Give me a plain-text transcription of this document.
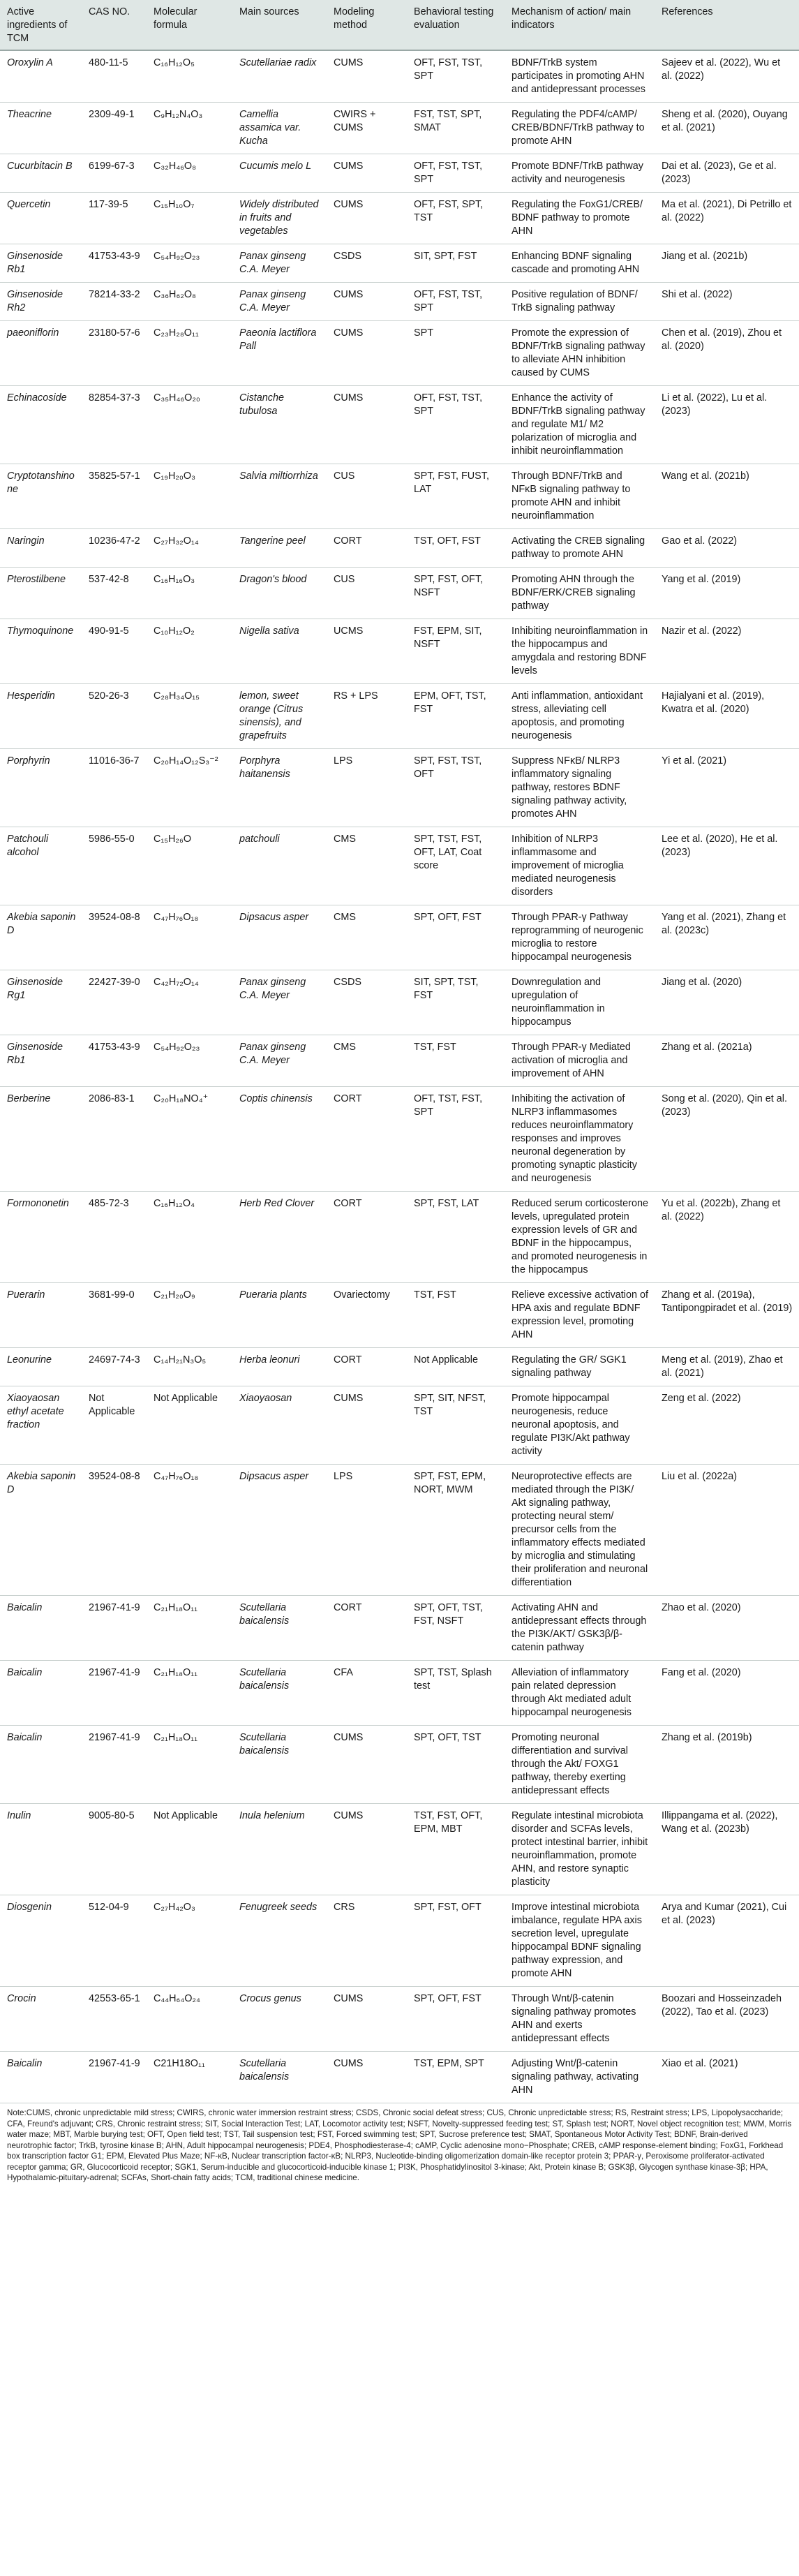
Active ingredients of TCM	CAS NO.	Molecular formula	Main sources	Modeling method	Behavioral testing evaluation	Mechanism of action/ main indicators	References
Oroxylin A	480-11-5	C₁₆H₁₂O₅	Scutellariae radix	CUMS	OFT, FST, TST, SPT	BDNF/TrkB system participates in promoting AHN and antidepressant processes	Sajeev et al. (2022), Wu et al. (2022)
Theacrine	2309-49-1	C₉H₁₂N₄O₃	Camellia assamica var. Kucha	CWIRS + CUMS	FST, TST, SPT, SMAT	Regulating the PDF4/cAMP/ CREB/BDNF/TrkB pathway to promote AHN	Sheng et al. (2020), Ouyang et al. (2021)
Cucurbitacin B	6199-67-3	C₃₂H₄₆O₈	Cucumis melo L	CUMS	OFT, FST, TST, SPT	Promote BDNF/TrkB pathway activity and neurogenesis	Dai et al. (2023), Ge et al. (2023)
Quercetin	117-39-5	C₁₅H₁₀O₇	Widely distributed in fruits and vegetables	CUMS	OFT, FST, SPT, TST	Regulating the FoxG1/CREB/ BDNF pathway to promote AHN	Ma et al. (2021), Di Petrillo et al. (2022)
Ginsenoside Rb1	41753-43-9	C₅₄H₉₂O₂₃	Panax ginseng C.A. Meyer	CSDS	SIT, SPT, FST	Enhancing BDNF signaling cascade and promoting AHN	Jiang et al. (2021b)
Ginsenoside Rh2	78214-33-2	C₃₆H₆₂O₈	Panax ginseng C.A. Meyer	CUMS	OFT, FST, TST, SPT	Positive regulation of BDNF/ TrkB signaling pathway	Shi et al. (2022)
paeoniflorin	23180-57-6	C₂₃H₂₈O₁₁	Paeonia lactiflora Pall	CUMS	SPT	Promote the expression of BDNF/TrkB signaling pathway to alleviate AHN inhibition caused by CUMS	Chen et al. (2019), Zhou et al. (2020)
Echinacoside	82854-37-3	C₃₅H₄₆O₂₀	Cistanche tubulosa	CUMS	OFT, FST, TST, SPT	Enhance the activity of BDNF/TrkB signaling pathway and regulate M1/ M2 polarization of microglia and inhibit neuroinflammation	Li et al. (2022), Lu et al. (2023)
Cryptotanshinone	35825-57-1	C₁₉H₂₀O₃	Salvia miltiorrhiza	CUS	SPT, FST, FUST, LAT	Through BDNF/TrkB and NFκB signaling pathway to promote AHN and inhibit neuroinflammation	Wang et al. (2021b)
Naringin	10236-47-2	C₂₇H₃₂O₁₄	Tangerine peel	CORT	TST, OFT, FST	Activating the CREB signaling pathway to promote AHN	Gao et al. (2022)
Pterostilbene	537-42-8	C₁₆H₁₆O₃	Dragon's blood	CUS	SPT, FST, OFT, NSFT	Promoting AHN through the BDNF/ERK/CREB signaling pathway	Yang et al. (2019)
Thymoquinone	490-91-5	C₁₀H₁₂O₂	Nigella sativa	UCMS	FST, EPM, SIT, NSFT	Inhibiting neuroinflammation in the hippocampus and amygdala and restoring BDNF levels	Nazir et al. (2022)
Hesperidin	520-26-3	C₂₈H₃₄O₁₅	lemon, sweet orange (Citrus sinensis), and grapefruits	RS + LPS	EPM, OFT, TST, FST	Anti inflammation, antioxidant stress, alleviating cell apoptosis, and promoting neurogenesis	Hajialyani et al. (2019), Kwatra et al. (2020)
Porphyrin	11016-36-7	C₂₀H₁₄O₁₂S₃⁻²	Porphyra haitanensis	LPS	SPT, FST, TST, OFT	Suppress NFκB/ NLRP3 inflammatory signaling pathway, restores BDNF signaling pathway activity, promotes AHN	Yi et al. (2021)
Patchouli alcohol	5986-55-0	C₁₅H₂₆O	patchouli	CMS	SPT, TST, FST, OFT, LAT, Coat score	Inhibition of NLRP3 inflammasome and improvement of microglia mediated neurogenesis disorders	Lee et al. (2020), He et al. (2023)
Akebia saponin D	39524-08-8	C₄₇H₇₆O₁₈	Dipsacus asper	CMS	SPT, OFT, FST	Through PPAR-γ Pathway reprogramming of neurogenic microglia to restore hippocampal neurogenesis	Yang et al. (2021), Zhang et al. (2023c)
Ginsenoside Rg1	22427-39-0	C₄₂H₇₂O₁₄	Panax ginseng C.A. Meyer	CSDS	SIT, SPT, TST, FST	Downregulation and upregulation of neuroinflammation in hippocampus	Jiang et al. (2020)
Ginsenoside Rb1	41753-43-9	C₅₄H₉₂O₂₃	Panax ginseng C.A. Meyer	CMS	TST, FST	Through PPAR-γ Mediated activation of microglia and improvement of AHN	Zhang et al. (2021a)
Berberine	2086-83-1	C₂₀H₁₈NO₄⁺	Coptis chinensis	CORT	OFT, TST, FST, SPT	Inhibiting the activation of NLRP3 inflammasomes reduces neuroinflammatory responses and improves neuronal degeneration by promoting synaptic plasticity and neurogenesis	Song et al. (2020), Qin et al. (2023)
Formononetin	485-72-3	C₁₆H₁₂O₄	Herb Red Clover	CORT	SPT, FST, LAT	Reduced serum corticosterone levels, upregulated protein expression levels of GR and BDNF in the hippocampus, and promoted neurogenesis in the hippocampus	Yu et al. (2022b), Zhang et al. (2022)
Puerarin	3681-99-0	C₂₁H₂₀O₉	Pueraria plants	Ovariectomy	TST, FST	Relieve excessive activation of HPA axis and regulate BDNF expression level, promoting AHN	Zhang et al. (2019a), Tantipongpiradet et al. (2019)
Leonurine	24697-74-3	C₁₄H₂₁N₃O₅	Herba leonuri	CORT	Not Applicable	Regulating the GR/ SGK1 signaling pathway	Meng et al. (2019), Zhao et al. (2021)
Xiaoyaosan ethyl acetate fraction	Not Applicable	Not Applicable	Xiaoyaosan	CUMS	SPT, SIT, NFST, TST	Promote hippocampal neurogenesis, reduce neuronal apoptosis, and regulate PI3K/Akt pathway activity	Zeng et al. (2022)
Akebia saponin D	39524-08-8	C₄₇H₇₆O₁₈	Dipsacus asper	LPS	SPT, FST, EPM, NORT, MWM	Neuroprotective effects are mediated through the PI3K/ Akt signaling pathway, protecting neural stem/ precursor cells from the inflammatory effects mediated by microglia and stimulating their proliferation and neuronal differentiation	Liu et al. (2022a)
Baicalin	21967-41-9	C₂₁H₁₈O₁₁	Scutellaria baicalensis	CORT	SPT, OFT, TST, FST, NSFT	Activating AHN and antidepressant effects through the PI3K/AKT/ GSK3β/β-catenin pathway	Zhao et al. (2020)
Baicalin	21967-41-9	C₂₁H₁₈O₁₁	Scutellaria baicalensis	CFA	SPT, TST, Splash test	Alleviation of inflammatory pain related depression through Akt mediated adult hippocampal neurogenesis	Fang et al. (2020)
Baicalin	21967-41-9	C₂₁H₁₈O₁₁	Scutellaria baicalensis	CUMS	SPT, OFT, TST	Promoting neuronal differentiation and survival through the Akt/ FOXG1 pathway, thereby exerting antidepressant effects	Zhang et al. (2019b)
Inulin	9005-80-5	Not Applicable	Inula helenium	CUMS	TST, FST, OFT, EPM, MBT	Regulate intestinal microbiota disorder and SCFAs levels, protect intestinal barrier, inhibit neuroinflammation, promote AHN, and restore synaptic plasticity	Illippangama et al. (2022), Wang et al. (2023b)
Diosgenin	512-04-9	C₂₇H₄₂O₃	Fenugreek seeds	CRS	SPT, FST, OFT	Improve intestinal microbiota imbalance, regulate HPA axis secretion level, upregulate hippocampal BDNF signaling pathway expression, and promote AHN	Arya and Kumar (2021), Cui et al. (2023)
Crocin	42553-65-1	C₄₄H₆₄O₂₄	Crocus genus	CUMS	SPT, OFT, FST	Through Wnt/β-catenin signaling pathway promotes AHN and exerts antidepressant effects	Boozari and Hosseinzadeh (2022), Tao et al. (2023)
Baicalin	21967-41-9	C21H18O₁₁	Scutellaria baicalensis	CUMS	TST, EPM, SPT	Adjusting Wnt/β-catenin signaling pathway, activating AHN	Xiao et al. (2021)
Note:CUMS, chronic unpredictable mild stress; CWIRS, chronic water immersion restraint stress; CSDS, Chronic social defeat stress; CUS, Chronic unpredictable stress; RS, Restraint stress; LPS, Lipopolysaccharide; CFA, Freund's adjuvant; CRS, Chronic restraint stress; SIT, Social Interaction Test; LAT, Locomotor activity test; NSFT, Novelty-suppressed feeding test; ST, Splash test; NORT, Novel object recognition test; MWM, Morris water maze; MBT, Marble burying test; OFT, Open field test; TST, Tail suspension test; FST, Forced swimming test; SPT, Sucrose preference test; SMAT, Spontaneous Motor Activity Test; BDNF, Brain-derived neurotrophic factor; TrkB, tyrosine kinase B; AHN, Adult hippocampal neurogenesis; PDE4, Phosphodiesterase-4; cAMP, Cyclic adenosine mono−Phosphate; CREB, cAMP response-element binding; FoxG1, Forkhead box transcription factor G1; EPM, Elevated Plus Maze; NF-κB, Nuclear transcription factor-κB; NLRP3, Nucleotide-binding oligomerization domain-like receptor protein 3; PPAR-γ, Peroxisome proliferator-activated receptor gamma; GR, Glucocorticoid receptor; SGK1, Serum-inducible and glucocorticoid-inducible kinase 1; PI3K, Phosphatidylinositol 3-kinase; Akt, Protein kinase B; GSK3β, Glycogen synthase kinase-3β; HPA, Hypothalamic-pituitary-adrenal; SCFAs, Short-chain fatty acids; TCM, traditional chinese medicine.
